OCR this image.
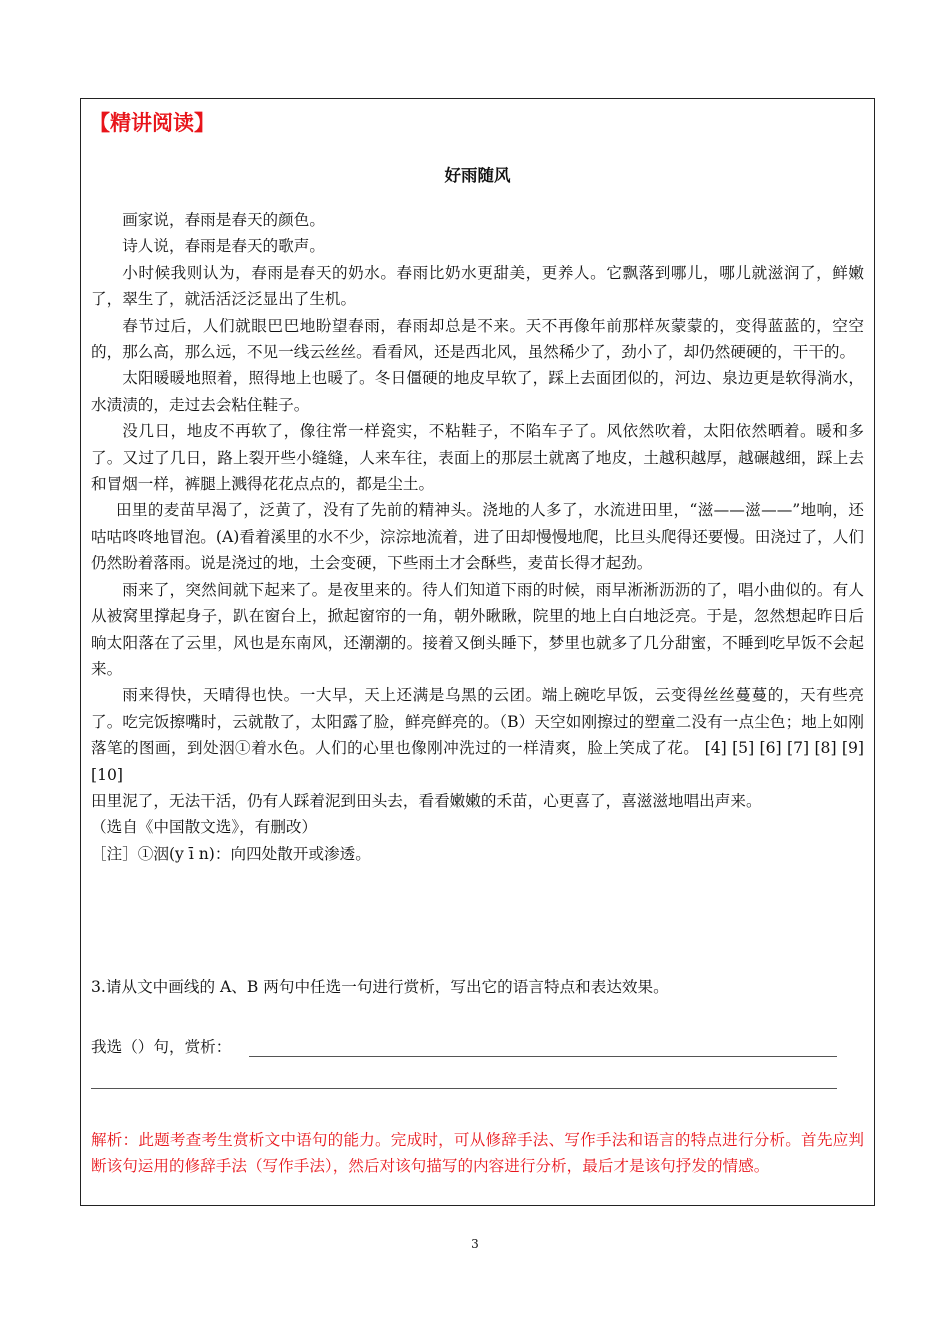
【精讲阅读】
好雨随风

画家说，春雨是春天的颜色。

诗人说，春雨是春天的歌声。

小时候我则认为，春雨是春天的奶水。春雨比奶水更甜美，更养人。它飘落到哪儿，哪儿就滋润了，鲜嫩了，翠生了，就活活泛泛显出了生机。

春节过后，人们就眼巴巴地盼望春雨，春雨却总是不来。天不再像年前那样灰蒙蒙的，变得蓝蓝的，空空的，那么高，那么远，不见一线云丝丝。看看风，还是西北风，虽然稀少了，劲小了，却仍然硬硬的，干干的。

太阳暖暖地照着，照得地上也暖了。冬日僵硬的地皮早软了，踩上去面团似的，河边、泉边更是软得淌水，水渍渍的，走过去会粘住鞋子。

没几日，地皮不再软了，像往常一样瓷实，不粘鞋子，不陷车子了。风依然吹着，太阳依然晒着。暖和多了。又过了几日，路上裂开些小缝缝，人来车往，表面上的那层土就离了地皮，土越积越厚，越碾越细，踩上去和冒烟一样，裤腿上溅得花花点点的，都是尘土。

田里的麦苗早渴了，泛黄了，没有了先前的精神头。浇地的人多了，水流进田里，“滋——滋——”地响，还咕咕咚咚地冒泡。(A)看着溪里的水不少，淙淙地流着，进了田却慢慢地爬，比旦头爬得还要慢。田浇过了，人们仍然盼着落雨。说是浇过的地，土会变硬，下些雨土才会酥些，麦苗长得才起劲。

雨来了，突然间就下起来了。是夜里来的。待人们知道下雨的时候，雨早淅淅沥沥的了，唱小曲似的。有人从被窝里撑起身子，趴在窗台上，掀起窗帘的一角，朝外瞅瞅，院里的地上白白地泛亮。于是，忽然想起昨日后晌太阳落在了云里，风也是东南风，还潮潮的。接着又倒头睡下，梦里也就多了几分甜蜜，不睡到吃早饭不会起来。

雨来得快，天晴得也快。一大早，天上还满是乌黑的云团。端上碗吃早饭，云变得丝丝蔓蔓的，天有些亮了。吃完饭擦嘴时，云就散了，太阳露了脸，鲜亮鲜亮的。（B）天空如刚擦过的塑童二没有一点尘色；地上如刚落笔的图画，到处洇①着水色。人们的心里也像刚冲洗过的一样清爽，脸上笑成了花。 [4] [5] [6] [7] [8] [9] [10]

田里泥了，无法干活，仍有人踩着泥到田头去，看看嫩嫩的禾苗，心更喜了，喜滋滋地唱出声来。

（选自《中国散文选》，有删改）

［注］①洇(y ī n)：向四处散开或渗透。

3.请从文中画线的 A、B 两句中任选一句进行赏析，写出它的语言特点和表达效果。
我选（）句，赏析：
解析：此题考查考生赏析文中语句的能力。完成时，可从修辞手法、写作手法和语言的特点进行分析。首先应判断该句运用的修辞手法（写作手法），然后对该句描写的内容进行分析，最后才是该句抒发的情感。
3
